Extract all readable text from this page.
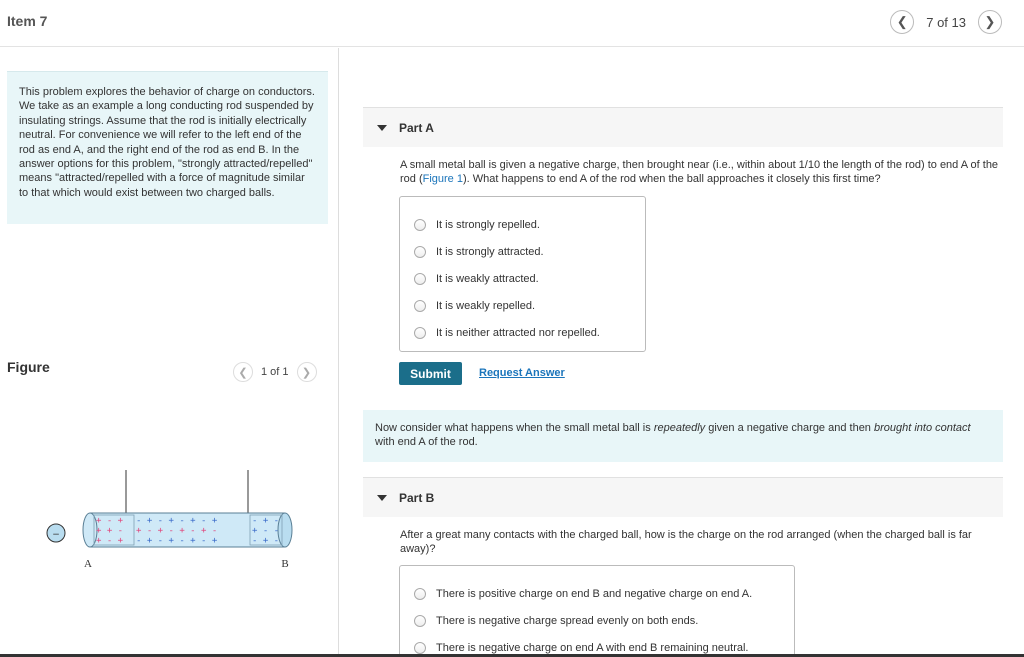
Item 7	❮	7 of 13	❯
This problem explores the behavior of charge on conductors. We take as an example a long conducting rod suspended by insulating strings. Assume that the rod is initially electrically neutral. For convenience we will refer to the left end of the rod as end A, and the right end of the rod as end B. In the answer options for this problem, "strongly attracted/repelled" means "attracted/repelled with a force of magnitude similar to that which would exist between two charged balls.
Figure	❮	1 of 1	❯
+ - +
+ + -
+ - +
- + - + - + - +
+ - + - + - + -
- + - + - + - +
- + -
+ - -
- + -
−
A	B
Part A
A small metal ball is given a negative charge, then brought near (i.e., within about 1/10 the length of the rod) to end A of the rod (Figure 1). What happens to end A of the rod when the ball approaches it closely this first time?
It is strongly repelled.
It is strongly attracted.
It is weakly attracted.
It is weakly repelled.
It is neither attracted nor repelled.
Submit	Request Answer
Now consider what happens when the small metal ball is repeatedly given a negative charge and then brought into contact with end A of the rod.
Part B
After a great many contacts with the charged ball, how is the charge on the rod arranged (when the charged ball is far away)?
There is positive charge on end B and negative charge on end A.
There is negative charge spread evenly on both ends.
There is negative charge on end A with end B remaining neutral.
